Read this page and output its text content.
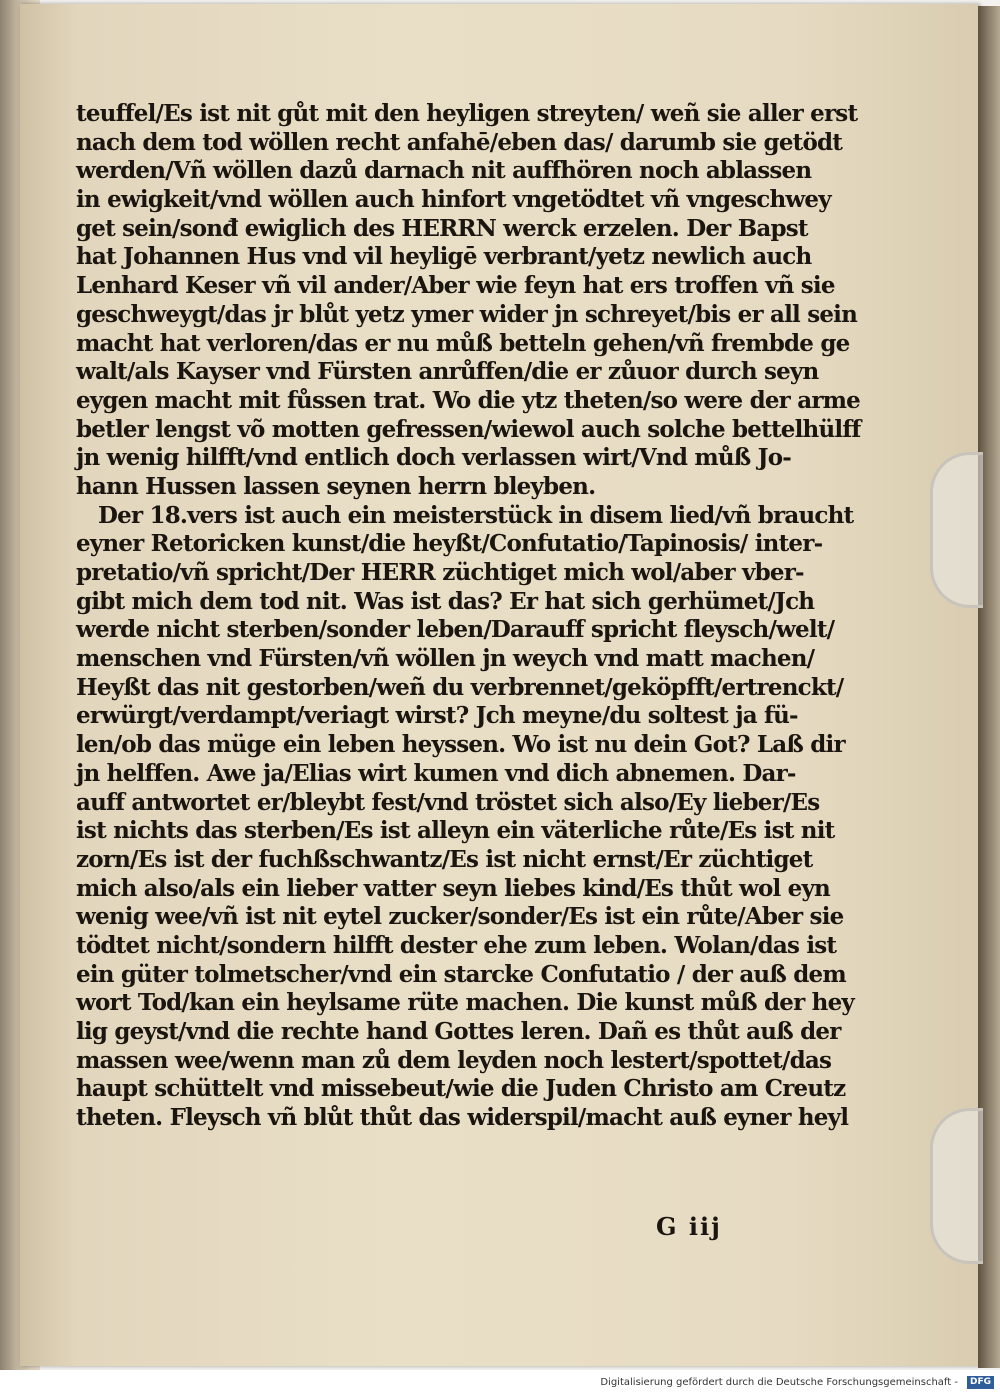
teuffel/Es ist nit gůt mit den heyligen streyten/ weñ sie aller erst
nach dem tod wöllen recht anfahē/eben das/ darumb sie getödt
werden/Vñ wöllen dazů darnach nit auffhören noch ablassen
in ewigkeit/vnd wöllen auch hinfort vngetödtet vñ vngeschwey
get sein/sonđ ewiglich des HERRN werck erzelen. Der Bapst
hat Johannen Hus vnd vil heyligē verbrant/yetz newlich auch
Lenhard Keser vñ vil ander/Aber wie feyn hat ers troffen vñ sie
geschweygt/das jr blůt yetz ymer wider jn schreyet/bis er all sein
macht hat verloren/das er nu můß betteln gehen/vñ frembde ge
walt/als Kayser vnd Fürsten anrůffen/die er zůuor durch seyn
eygen macht mit fůssen trat. Wo die ytz theten/so were der arme
betler lengst võ motten gefressen/wiewol auch solche bettelhülff
jn wenig hilfft/vnd entlich doch verlassen wirt/Vnd můß Jo-
hann Hussen lassen seynen herrn bleyben.
Der 18.vers ist auch ein meisterstück in disem lied/vñ braucht
eyner Retoricken kunst/die heyßt/Confutatio/Tapinosis/ inter-
pretatio/vñ spricht/Der HERR züchtiget mich wol/aber vber-
gibt mich dem tod nit. Was ist das? Er hat sich gerhümet/Jch
werde nicht sterben/sonder leben/Darauff spricht fleysch/welt/
menschen vnd Fürsten/vñ wöllen jn weych vnd matt machen/
Heyßt das nit gestorben/weñ du verbrennet/geköpfft/ertrenckt/
erwürgt/verdampt/veriagt wirst? Jch meyne/du soltest ja fü-
len/ob das müge ein leben heyssen. Wo ist nu dein Got? Laß dir
jn helffen. Awe ja/Elias wirt kumen vnd dich abnemen. Dar-
auff antwortet er/bleybt fest/vnd tröstet sich also/Ey lieber/Es
ist nichts das sterben/Es ist alleyn ein väterliche růte/Es ist nit
zorn/Es ist der fuchßschwantz/Es ist nicht ernst/Er züchtiget
mich also/als ein lieber vatter seyn liebes kind/Es thůt wol eyn
wenig wee/vñ ist nit eytel zucker/sonder/Es ist ein růte/Aber sie
tödtet nicht/sondern hilfft dester ehe zum leben. Wolan/das ist
ein güter tolmetscher/vnd ein starcke Confutatio / der auß dem
wort Tod/kan ein heylsame rüte machen. Die kunst můß der hey
lig geyst/vnd die rechte hand Gottes leren. Dañ es thůt auß der
massen wee/wenn man zů dem leyden noch lestert/spottet/das
haupt schüttelt vnd missebeut/wie die Juden Christo am Creutz
theten. Fleysch vñ blůt thůt das widerspil/macht auß eyner heyl
G iij
Digitalisierung gefördert durch die Deutsche Forschungsgemeinschaft -	DFG
